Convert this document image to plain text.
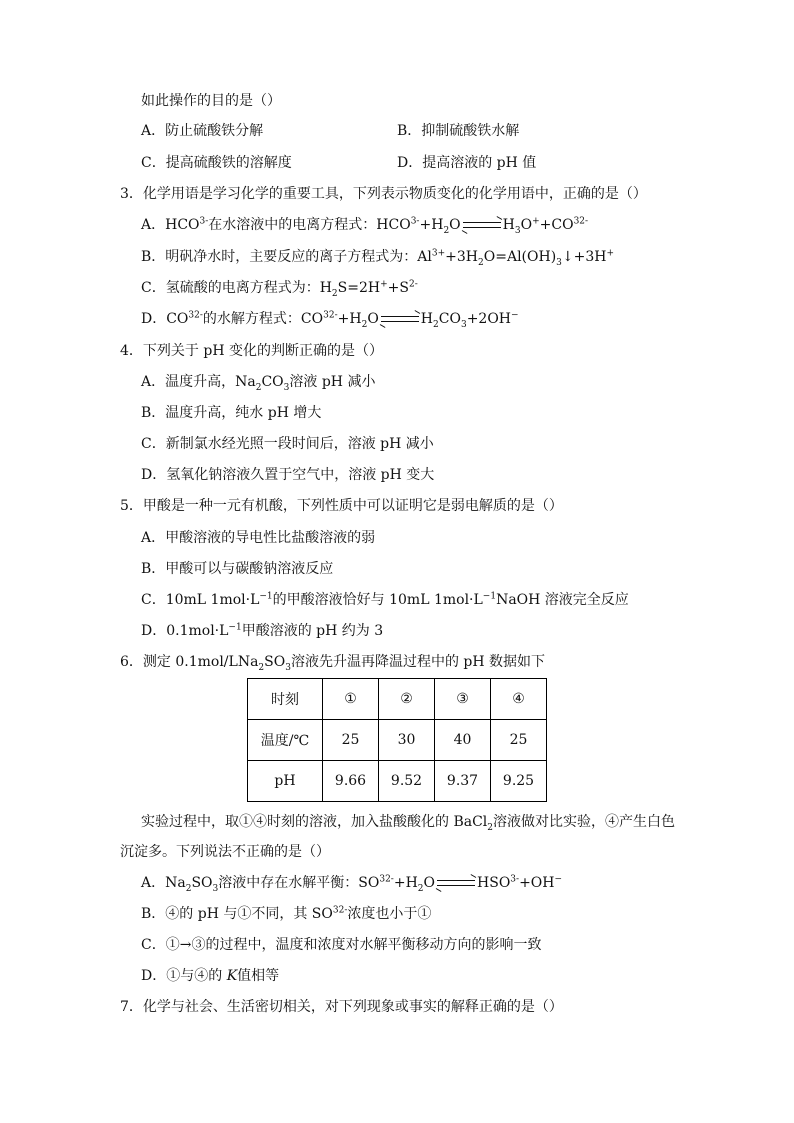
如此操作的目的是（）
A．防止硫酸铁分解	B．抑制硫酸铁水解
C．提高硫酸铁的溶解度	D．提高溶液的 pH 值
3．化学用语是学习化学的重要工具，下列表示物质变化的化学用语中，正确的是（）
A．$HCO^{3-}$在水溶液中的电离方程式：$HCO^{3-}+H_2O$	$H_3O^++CO^{32-}$
B．明矾净水时，主要反应的离子方程式为：$Al^{3+}+3H_2O=Al(OH)_3↓+3H^+$
C．氢硫酸的电离方程式为：$H_2S=2H^++S^{2-}$
D．$CO^{32-}$的水解方程式：$CO^{32-}+H_2O$	$H_2CO_3+2OH^-$
4．下列关于 pH 变化的判断正确的是（）
A．温度升高，$Na_2CO_3$溶液 pH 减小
B．温度升高，纯水 pH 增大
C．新制氯水经光照一段时间后，溶液 pH 减小
D．氢氧化钠溶液久置于空气中，溶液 pH 变大
5．甲酸是一种一元有机酸，下列性质中可以证明它是弱电解质的是（）
A．甲酸溶液的导电性比盐酸溶液的弱
B．甲酸可以与碳酸钠溶液反应
C．10mL $1mol\cdot L^{-1}$的甲酸溶液恰好与 10mL $1mol\cdot L^{-1}NaOH$ 溶液完全反应
D．$0.1mol\cdot L^{-1}$甲酸溶液的 pH 约为 3
6．测定 $0.1mol/LNa_2SO_3$溶液先升温再降温过程中的 pH 数据如下
时刻	①	②	③	④
温度/℃	25	30	40	25
pH	9.66	9.52	9.37	9.25
实验过程中，取①④时刻的溶液，加入盐酸酸化的 BaCl$_2$溶液做对比实验，④产生白色
沉淀多。下列说法不正确的是（）
A．$Na_2SO_3$溶液中存在水解平衡：$SO^{32-}+H_2O$	$HSO^{3-}+OH^-$
B．④的 pH 与①不同，其 $SO^{32-}$浓度也小于①
C．①→③的过程中，温度和浓度对水解平衡移动方向的影响一致
D．①与④的 K值相等
7．化学与社会、生活密切相关，对下列现象或事实的解释正确的是（）
